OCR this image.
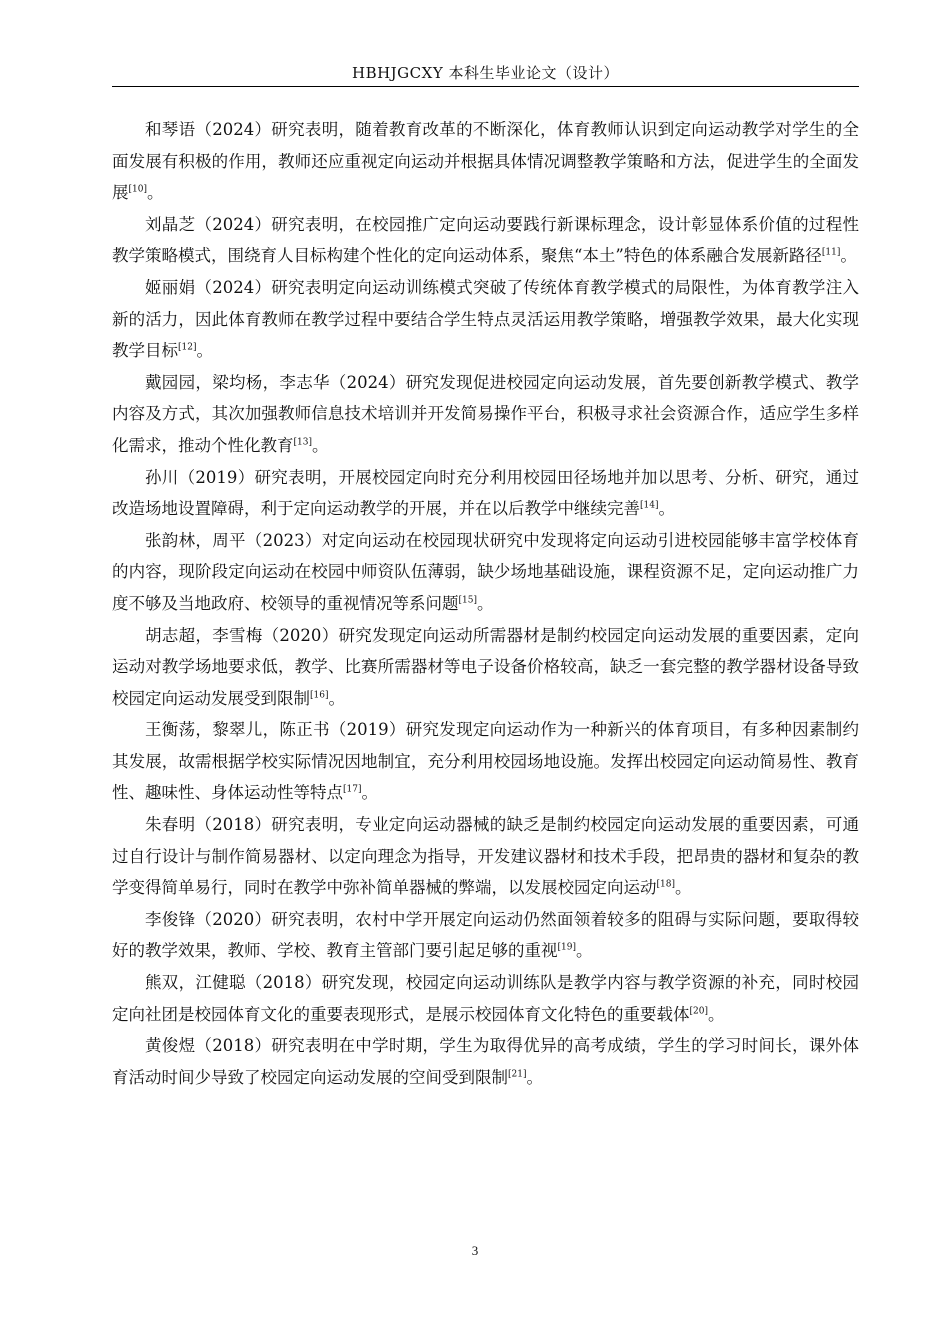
HBHJGCXY 本科生毕业论文（设计）

和琴语（2024）研究表明，随着教育改革的不断深化，体育教师认识到定向运动教学对学生的全面发展有积极的作用，教师还应重视定向运动并根据具体情况调整教学策略和方法，促进学生的全面发展[10]。

刘晶芝（2024）研究表明，在校园推广定向运动要践行新课标理念，设计彰显体系价值的过程性教学策略模式，围绕育人目标构建个性化的定向运动体系，聚焦“本土”特色的体系融合发展新路径[11]。

姬丽娟（2024）研究表明定向运动训练模式突破了传统体育教学模式的局限性，为体育教学注入新的活力，因此体育教师在教学过程中要结合学生特点灵活运用教学策略，增强教学效果，最大化实现教学目标[12]。

戴园园，梁均杨，李志华（2024）研究发现促进校园定向运动发展，首先要创新教学模式、教学内容及方式，其次加强教师信息技术培训并开发简易操作平台，积极寻求社会资源合作，适应学生多样化需求，推动个性化教育[13]。

孙川（2019）研究表明，开展校园定向时充分利用校园田径场地并加以思考、分析、研究，通过改造场地设置障碍，利于定向运动教学的开展，并在以后教学中继续完善[14]。

张韵林，周平（2023）对定向运动在校园现状研究中发现将定向运动引进校园能够丰富学校体育的内容，现阶段定向运动在校园中师资队伍薄弱，缺少场地基础设施，课程资源不足，定向运动推广力度不够及当地政府、校领导的重视情况等系问题[15]。

胡志超，李雪梅（2020）研究发现定向运动所需器材是制约校园定向运动发展的重要因素，定向运动对教学场地要求低，教学、比赛所需器材等电子设备价格较高，缺乏一套完整的教学器材设备导致校园定向运动发展受到限制[16]。

王衡荡，黎翠儿，陈正书（2019）研究发现定向运动作为一种新兴的体育项目，有多种因素制约其发展，故需根据学校实际情况因地制宜，充分利用校园场地设施。发挥出校园定向运动简易性、教育性、趣味性、身体运动性等特点[17]。

朱春明（2018）研究表明，专业定向运动器械的缺乏是制约校园定向运动发展的重要因素，可通过自行设计与制作简易器材、以定向理念为指导，开发建议器材和技术手段，把昂贵的器材和复杂的教学变得简单易行，同时在教学中弥补简单器械的弊端，以发展校园定向运动[18]。

李俊锋（2020）研究表明，农村中学开展定向运动仍然面领着较多的阻碍与实际问题，要取得较好的教学效果，教师、学校、教育主管部门要引起足够的重视[19]。

熊双，江健聪（2018）研究发现，校园定向运动训练队是教学内容与教学资源的补充，同时校园定向社团是校园体育文化的重要表现形式，是展示校园体育文化特色的重要载体[20]。

黄俊煜（2018）研究表明在中学时期，学生为取得优异的高考成绩，学生的学习时间长，课外体育活动时间少导致了校园定向运动发展的空间受到限制[21]。

3
